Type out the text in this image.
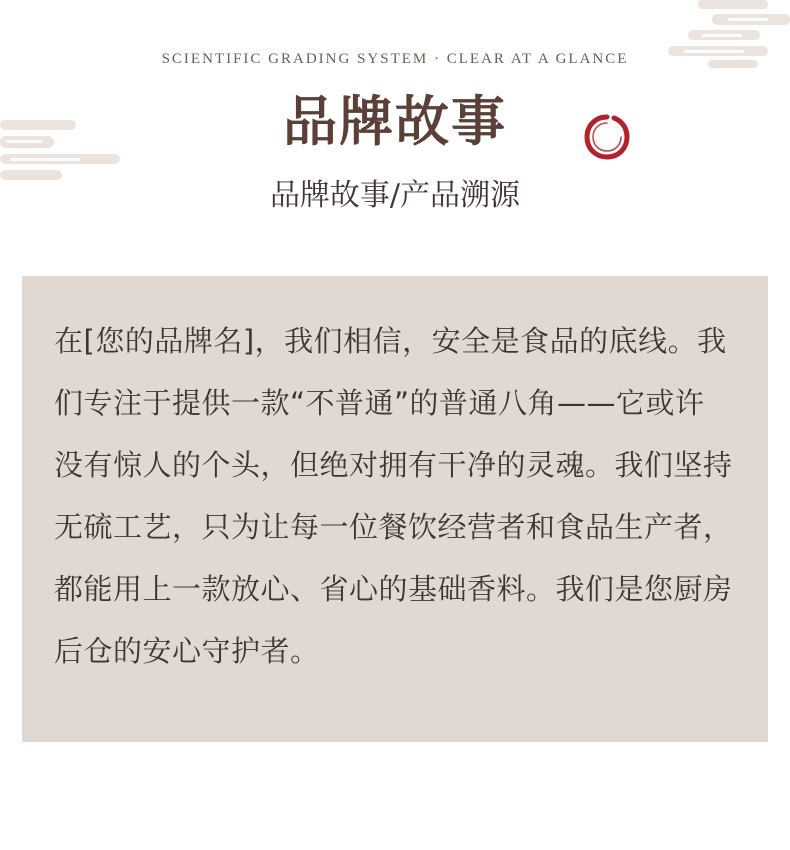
SCIENTIFIC GRADING SYSTEM · CLEAR AT A GLANCE
品牌故事
品牌故事/产品溯源

在[您的品牌名]，我们相信，安全是食品的底线。我们专注于提供一款“不普通”的普通八角——它或许没有惊人的个头，但绝对拥有干净的灵魂。我们坚持无硫工艺，只为让每一位餐饮经营者和食品生产者，都能用上一款放心、省心的基础香料。我们是您厨房后仓的安心守护者。
